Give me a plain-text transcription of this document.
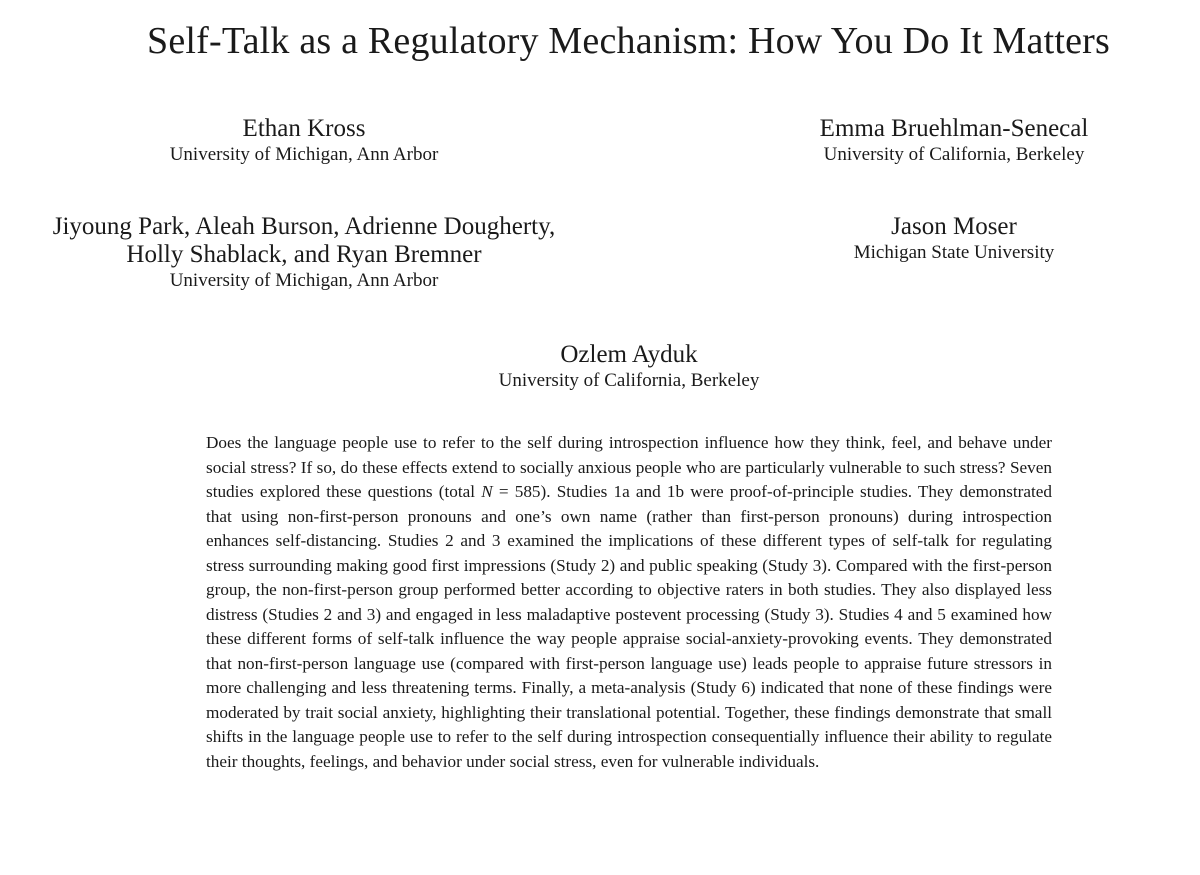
Self-Talk as a Regulatory Mechanism: How You Do It Matters
Ethan Kross
University of Michigan, Ann Arbor
Emma Bruehlman-Senecal
University of California, Berkeley
Jiyoung Park, Aleah Burson, Adrienne Dougherty,
Holly Shablack, and Ryan Bremner
University of Michigan, Ann Arbor
Jason Moser
Michigan State University
Ozlem Ayduk
University of California, Berkeley

Does the language people use to refer to the self during introspection influence how they think, feel, and behave under social stress? If so, do these effects extend to socially anxious people who are particularly vulnerable to such stress? Seven studies explored these questions (total N = 585). Studies 1a and 1b were proof-of-principle studies. They demonstrated that using non-first-person pronouns and one’s own name (rather than first-person pronouns) during introspection enhances self-distancing. Studies 2 and 3 examined the implications of these different types of self-talk for regulating stress surrounding making good first impressions (Study 2) and public speaking (Study 3). Compared with the first-person group, the non-first-person group performed better according to objective raters in both studies. They also displayed less distress (Studies 2 and 3) and engaged in less maladaptive postevent processing (Study 3). Studies 4 and 5 examined how these different forms of self-talk influence the way people appraise social-anxiety-provoking events. They demonstrated that non-first-person language use (compared with first-person language use) leads people to appraise future stressors in more challenging and less threatening terms. Finally, a meta-analysis (Study 6) indicated that none of these findings were moderated by trait social anxiety, highlighting their translational potential. Together, these findings demonstrate that small shifts in the language people use to refer to the self during introspection consequentially influence their ability to regulate their thoughts, feelings, and behavior under social stress, even for vulnerable individuals.
